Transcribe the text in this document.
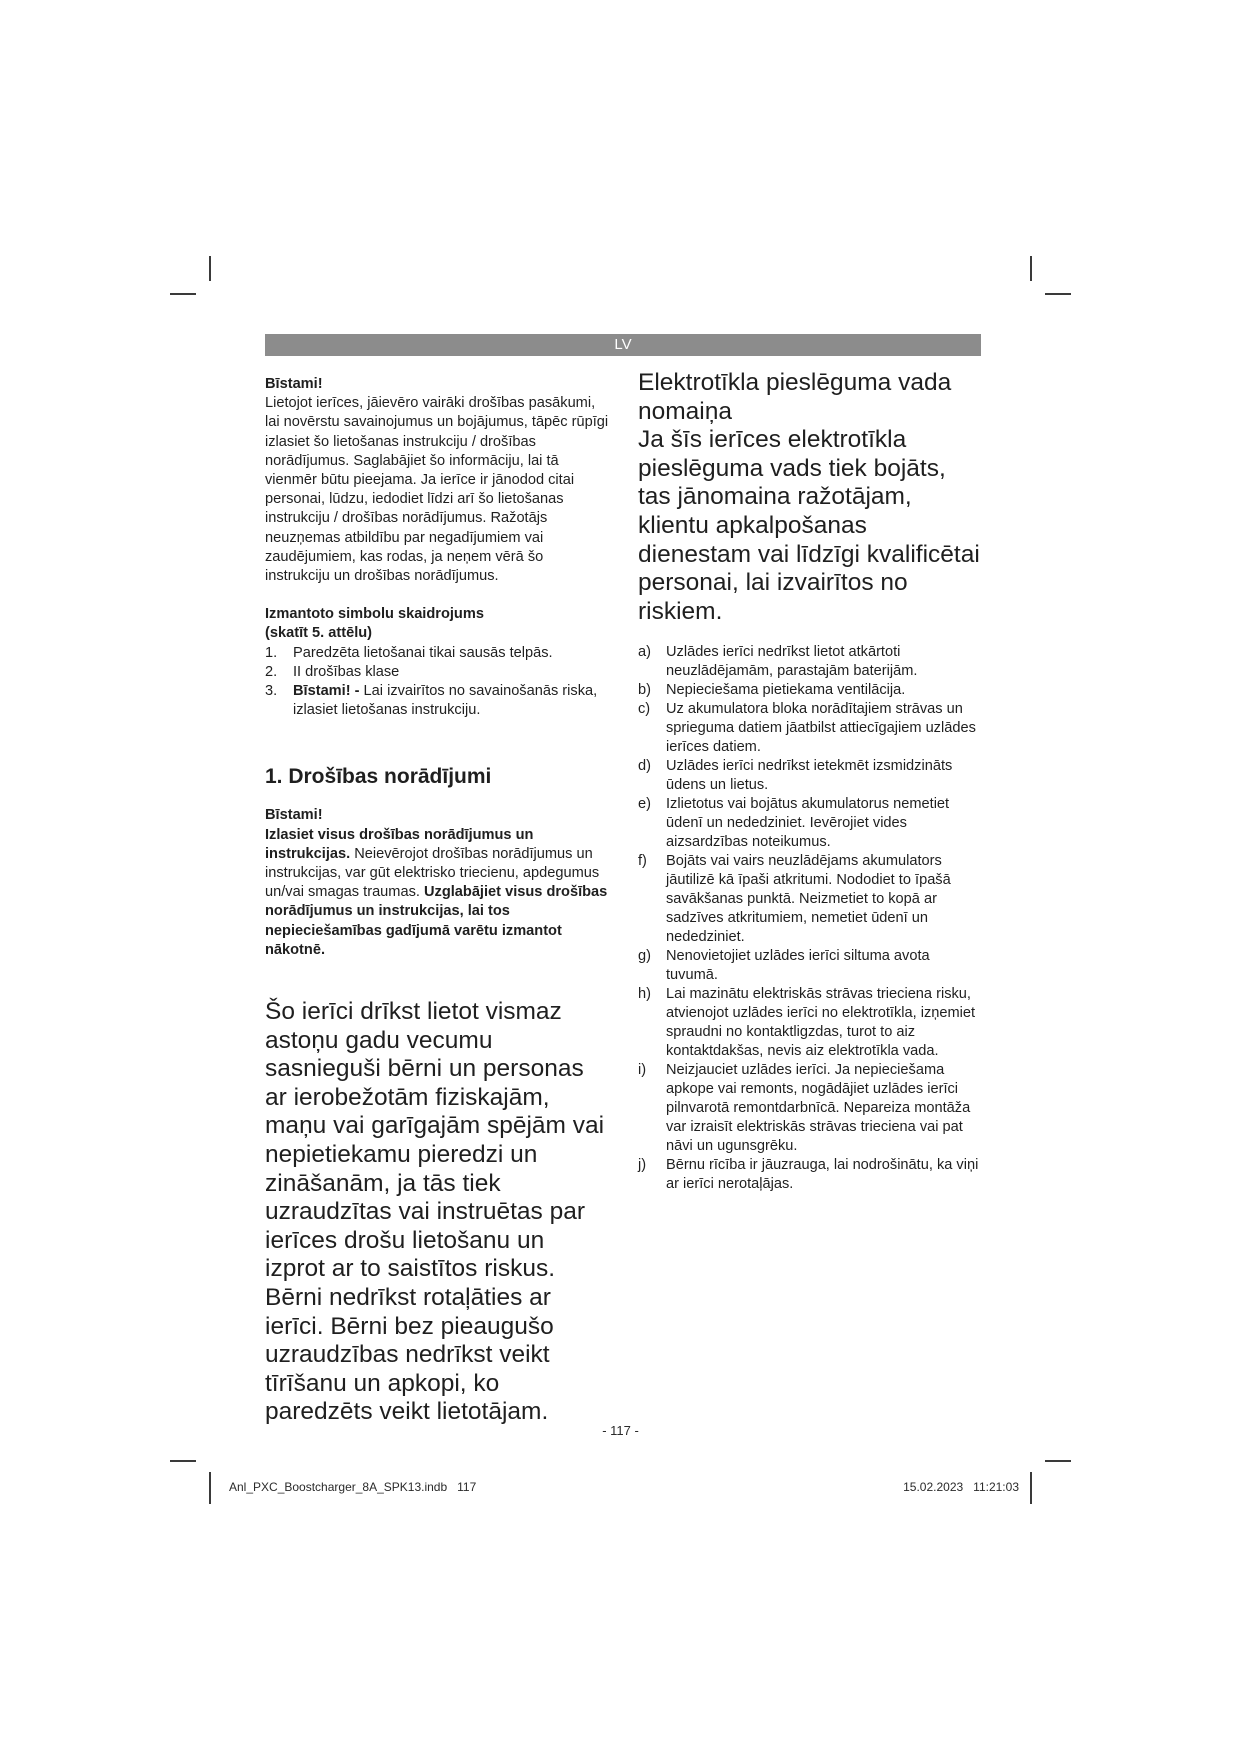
LV

Bīstami!

Lietojot ierīces, jāievēro vairāki drošības pasākumi, lai novērstu savainojumus un bojājumus, tāpēc rūpīgi izlasiet šo lietošanas instrukciju / drošības norādījumus. Saglabājiet šo informāciju, lai tā vienmēr būtu pieejama. Ja ierīce ir jānodod citai personai, lūdzu, iedodiet līdzi arī šo lietošanas instrukciju / drošības norādījumus. Ražotājs neuzņemas atbildību par negadījumiem vai zaudējumiem, kas rodas, ja neņem vērā šo instrukciju un drošības norādījumus.

Izmantoto simbolu skaidrojums

(skatīt 5. attēlu)

1. Paredzēta lietošanai tikai sausās telpās.
2. II drošības klase
3. Bīstami! - Lai izvairītos no savainošanās riska, izlasiet lietošanas instrukciju.

1. Drošības norādījumi

Bīstami!

Izlasiet visus drošības norādījumus un instrukcijas. Neievērojot drošības norādījumus un instrukcijas, var gūt elektrisko triecienu, apdegumus un/vai smagas traumas. Uzglabājiet visus drošības norādījumus un instrukcijas, lai tos nepieciešamības gadījumā varētu izmantot nākotnē.

Šo ierīci drīkst lietot vismaz astoņu gadu vecumu sasnieguši bērni un personas ar ierobežotām fiziskajām, maņu vai garīgajām spējām vai nepietiekamu pieredzi un zināšanām, ja tās tiek uzraudzītas vai instruētas par ierīces drošu lietošanu un izprot ar to saistītos riskus. Bērni nedrīkst rotaļāties ar ierīci. Bērni bez pieaugušo uzraudzības nedrīkst veikt tīrīšanu un apkopi, ko paredzēts veikt lietotājam.

Elektrotīkla pieslēguma vada nomaiņa

Ja šīs ierīces elektrotīkla pieslēguma vads tiek bojāts, tas jānomaina ražotājam, klientu apkalpošanas dienestam vai līdzīgi kvalificētai personai, lai izvairītos no riskiem.

a) Uzlādes ierīci nedrīkst lietot atkārtoti neuzlādējamām, parastajām baterijām.
b) Nepieciešama pietiekama ventilācija.
c) Uz akumulatora bloka norādītajiem strāvas un sprieguma datiem jāatbilst attiecīgajiem uzlādes ierīces datiem.
d) Uzlādes ierīci nedrīkst ietekmēt izsmidzināts ūdens un lietus.
e) Izlietotus vai bojātus akumulatorus nemetiet ūdenī un nededziniet. Ievērojiet vides aizsardzības noteikumus.
f) Bojāts vai vairs neuzlādējams akumulators jāutilizē kā īpaši atkritumi. Nododiet to īpašā savākšanas punktā. Neizmetiet to kopā ar sadzīves atkritumiem, nemetiet ūdenī un nededziniet.
g) Nenovietojiet uzlādes ierīci siltuma avota tuvumā.
h) Lai mazinātu elektriskās strāvas trieciena risku, atvienojot uzlādes ierīci no elektrotīkla, izņemiet spraudni no kontaktligzdas, turot to aiz kontaktdakšas, nevis aiz elektrotīkla vada.
i) Neizjauciet uzlādes ierīci. Ja nepieciešama apkope vai remonts, nogādājiet uzlādes ierīci pilnvarotā remontdarbnīcā. Nepareiza montāža var izraisīt elektriskās strāvas trieciena vai pat nāvi un ugunsgrēku.
j) Bērnu rīcība ir jāuzrauga, lai nodrošinātu, ka viņi ar ierīci nerotaļājas.
- 117 -
Anl_PXC_Boostcharger_8A_SPK13.indb   117	15.02.2023   11:21:03
